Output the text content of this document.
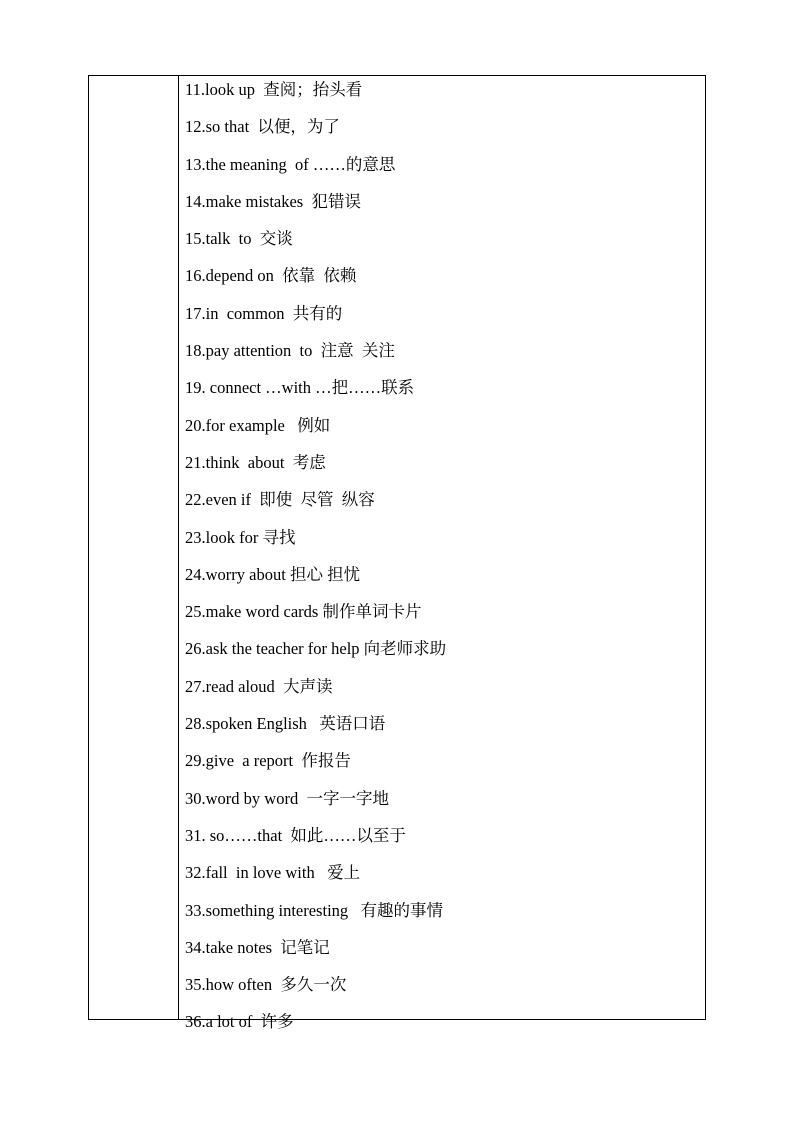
11.look up  查阅；抬头看
12.so that  以便，为了
13.the meaning  of ……的意思
14.make mistakes  犯错误
15.talk  to  交谈
16.depend on  依靠  依赖
17.in  common  共有的
18.pay attention  to  注意  关注
19. connect …with …把……联系
20.for example   例如
21.think  about  考虑
22.even if  即使  尽管  纵容
23.look for 寻找
24.worry about 担心 担忧
25.make word cards 制作单词卡片
26.ask the teacher for help 向老师求助
27.read aloud  大声读
28.spoken English   英语口语
29.give  a report  作报告
30.word by word  一字一字地
31. so……that  如此……以至于
32.fall  in love with   爱上
33.something interesting   有趣的事情
34.take notes  记笔记
35.how often  多久一次
36.a lot of  许多
